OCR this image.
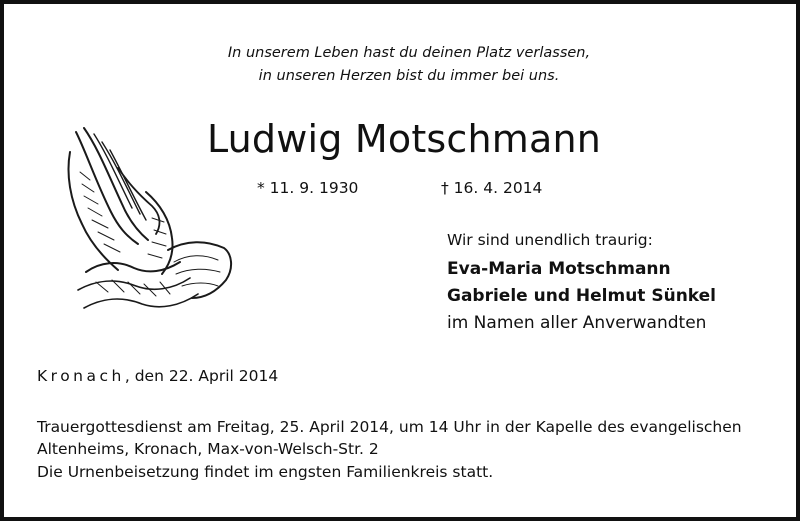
In unserem Leben hast du deinen Platz verlassen,
in unseren Herzen bist du immer bei uns.
Ludwig Motschmann
* 11. 9. 1930	† 16. 4. 2014
Wir sind unendlich traurig:
Eva-Maria Motschmann
Gabriele und Helmut Sünkel
im Namen aller Anverwandten
Kronach, den 22. April 2014
Trauergottesdienst am Freitag, 25. April 2014, um 14 Uhr in der Kapelle des evangelischen Altenheims, Kronach, Max-von-Welsch-Str. 2
Die Urnenbeisetzung findet im engsten Familienkreis statt.
